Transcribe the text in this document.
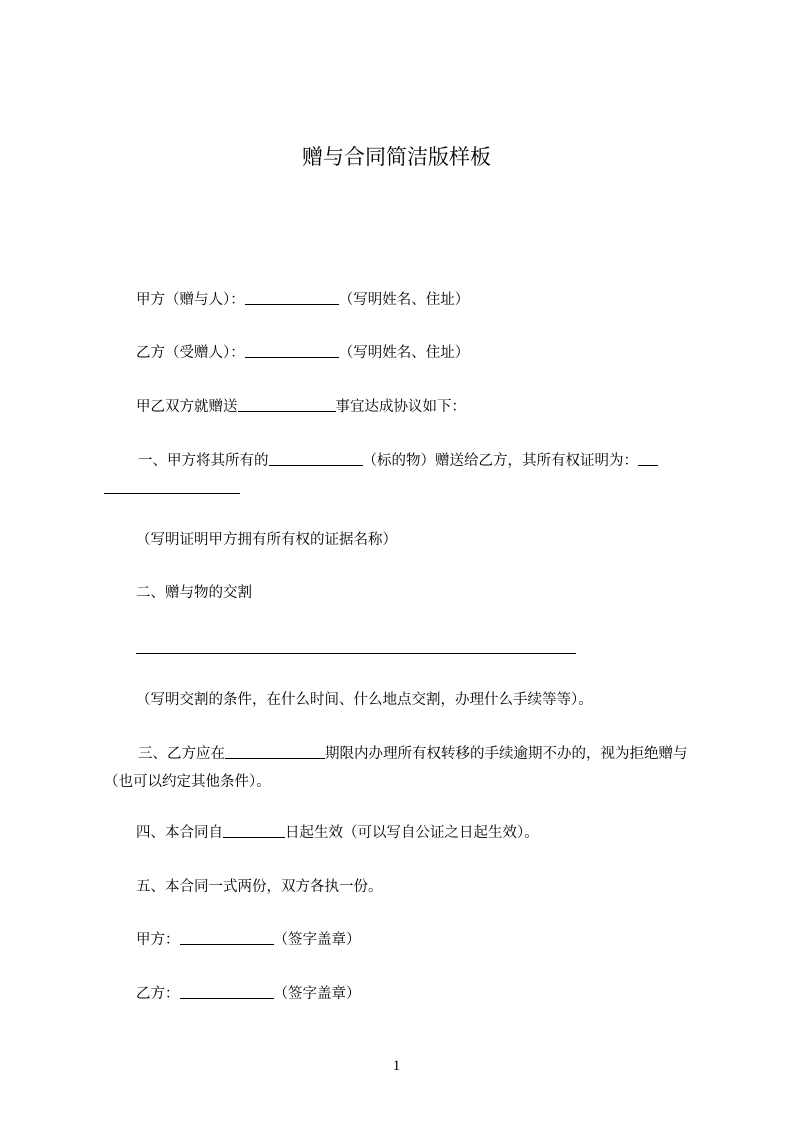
赠与合同简洁版样板
甲方（赠与人）：	（写明姓名、住址）
乙方（受赠人）：	（写明姓名、住址）
甲乙双方就赠送	事宜达成协议如下：
一、甲方将其所有的	（标的物）赠送给乙方，其所有权证明为：
（写明证明甲方拥有所有权的证据名称）
二、赠与物的交割
（写明交割的条件，在什么时间、什么地点交割，办理什么手续等等）。
三、乙方应在	期限内办理所有权转移的手续逾期不办的，视为拒绝赠与（也可以约定其他条件）。
四、本合同自	日起生效（可以写自公证之日起生效）。
五、本合同一式两份，双方各执一份。
甲方：	（签字盖章）
乙方：	（签字盖章）
1
